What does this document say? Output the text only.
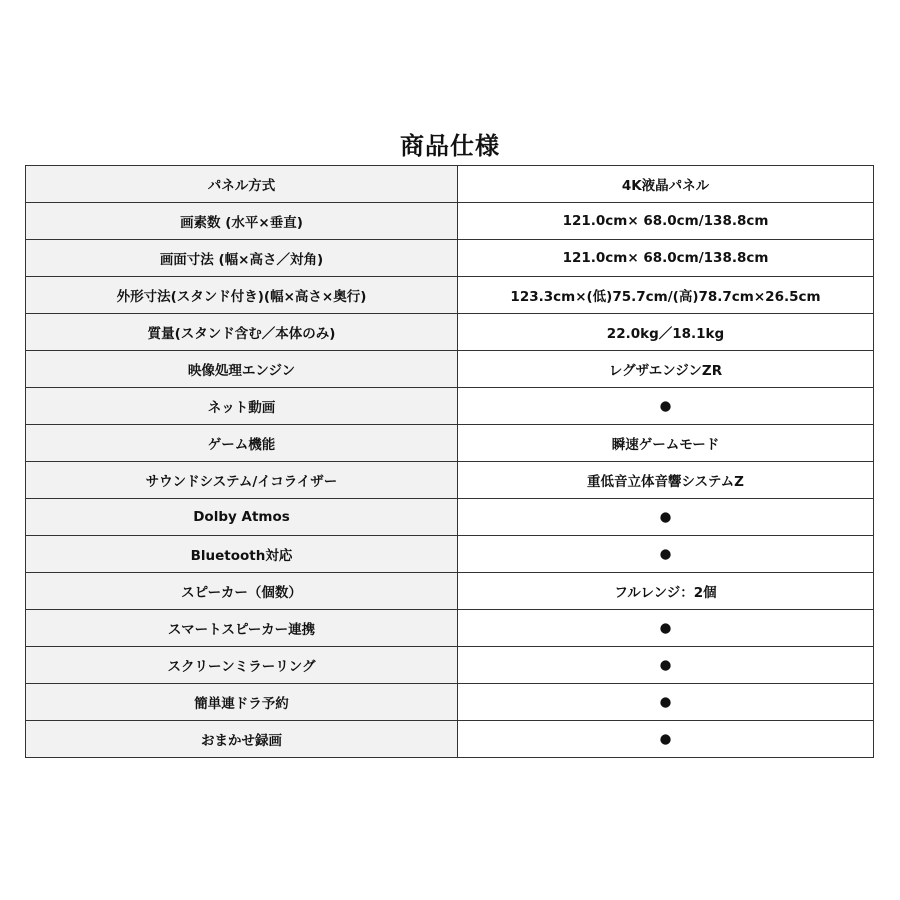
商品仕様
パネル方式	4K液晶パネル
画素数 (水平×垂直)	121.0cm× 68.0cm/138.8cm
画面寸法 (幅×高さ／対角)	121.0cm× 68.0cm/138.8cm
外形寸法(スタンド付き)(幅×高さ×奥行)	123.3cm×(低)75.7cm/(高)78.7cm×26.5cm
質量(スタンド含む／本体のみ)	22.0kg／18.1kg
映像処理エンジン	レグザエンジンZR
ネット動画	●
ゲーム機能	瞬速ゲームモード
サウンドシステム/イコライザー	重低音立体音響システムZ
Dolby Atmos	●
Bluetooth対応	●
スピーカー（個数）	フルレンジ：2個
スマートスピーカー連携	●
スクリーンミラーリング	●
簡単連ドラ予約	●
おまかせ録画	●
